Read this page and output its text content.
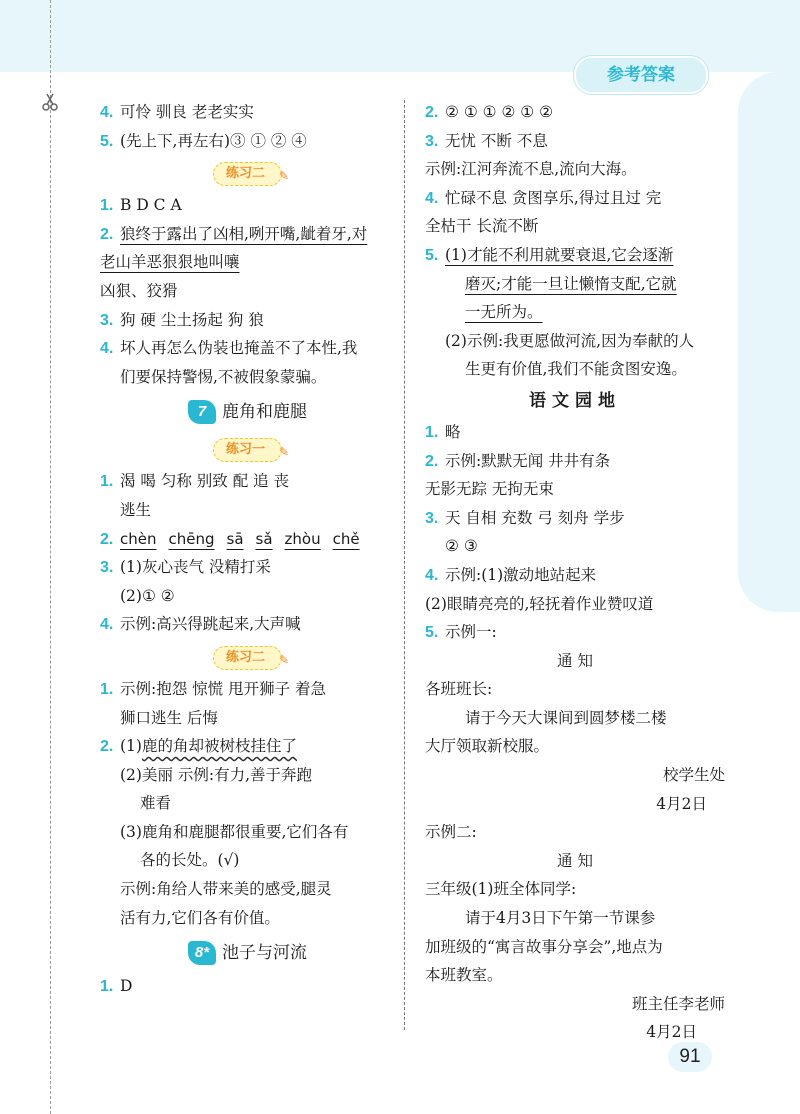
参考答案
4. 可怜 驯良 老老实实
5. (先上下,再左右)③ ① ② ④
练习二 ✎
1. B D C A
2. 狼终于露出了凶相,咧开嘴,龇着牙,对
老山羊恶狠狠地叫嚷
凶狠、狡猾
3. 狗 硬 尘土扬起 狗 狼
4. 坏人再怎么伪装也掩盖不了本性,我
们要保持警惕,不被假象蒙骗。
7 鹿角和鹿腿
练习一 ✎
1. 渴 喝 匀称 别致 配 追 丧
逃生
2. chèn chēng sā sǎ zhòu chě
3. (1)灰心丧气 没精打采
(2)① ②
4. 示例:高兴得跳起来,大声喊
练习二 ✎
1. 示例:抱怨 惊慌 甩开狮子 着急
狮口逃生 后悔
2. (1)鹿的角却被树枝挂住了
(2)美丽 示例:有力,善于奔跑
难看
(3)鹿角和鹿腿都很重要,它们各有
各的长处。(√)
示例:角给人带来美的感受,腿灵
活有力,它们各有价值。
8* 池子与河流
1. D
2. ② ① ① ② ① ②
3. 无忧 不断 不息
示例:江河奔流不息,流向大海。
4. 忙碌不息 贪图享乐,得过且过 完
全枯干 长流不断
5. (1)才能不利用就要衰退,它会逐渐
磨灭;才能一旦让懒惰支配,它就
一无所为。
(2)示例:我更愿做河流,因为奉献的人
生更有价值,我们不能贪图安逸。
语文园地
1. 略
2. 示例:默默无闻 井井有条
无影无踪 无拘无束
3. 天 自相 充数 弓 刻舟 学步
② ③
4. 示例:(1)激动地站起来
(2)眼睛亮亮的,轻抚着作业赞叹道
5. 示例一:
通 知
各班班长:
请于今天大课间到圆梦楼二楼
大厅领取新校服。
校学生处
4月2日
示例二:
通 知
三年级(1)班全体同学:
请于4月3日下午第一节课参
加班级的“寓言故事分享会”,地点为
本班教室。
班主任李老师
4月2日
91
